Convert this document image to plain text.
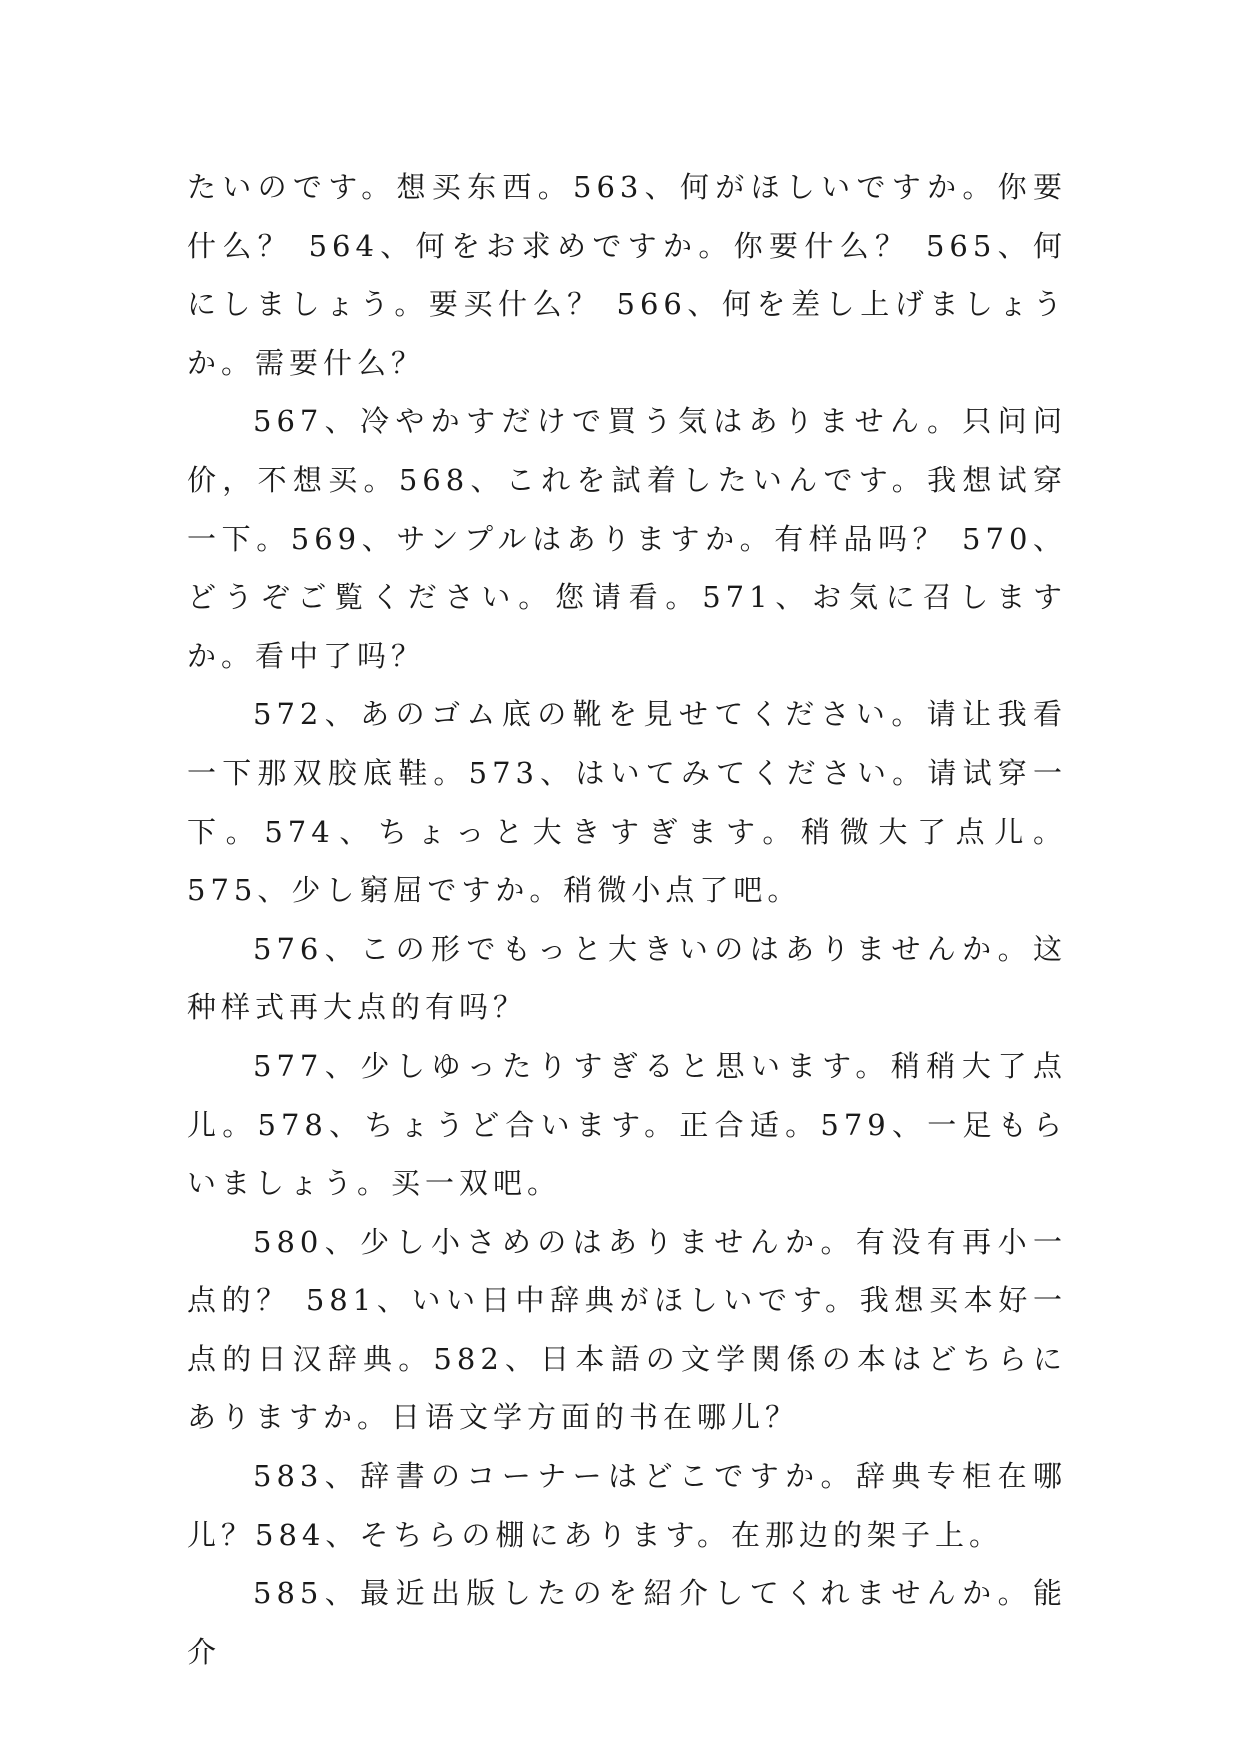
たいのです。想买东西。563、何がほしいですか。你要什么？ 564、何をお求めですか。你要什么？ 565、何にしましょう。要买什么？ 566、何を差し上げましょうか。需要什么？

567、冷やかすだけで買う気はありません。只问问价，不想买。568、これを試着したいんです。我想试穿一下。569、サンプルはありますか。有样品吗？ 570、どうぞご覧ください。您请看。571、お気に召しますか。看中了吗？

572、あのゴム底の靴を見せてください。请让我看一下那双胶底鞋。573、はいてみてください。请试穿一下。574、ちょっと大きすぎます。稍微大了点儿。575、少し窮屈ですか。稍微小点了吧。

576、この形でもっと大きいのはありませんか。这种样式再大点的有吗？

577、少しゆったりすぎると思います。稍稍大了点儿。578、ちょうど合います。正合适。579、一足もらいましょう。买一双吧。

580、少し小さめのはありませんか。有没有再小一点的？ 581、いい日中辞典がほしいです。我想买本好一点的日汉辞典。582、日本語の文学関係の本はどちらにありますか。日语文学方面的书在哪儿？

583、辞書のコーナーはどこですか。辞典专柜在哪儿？584、そちらの棚にあります。在那边的架子上。

585、最近出版したのを紹介してくれませんか。能介
